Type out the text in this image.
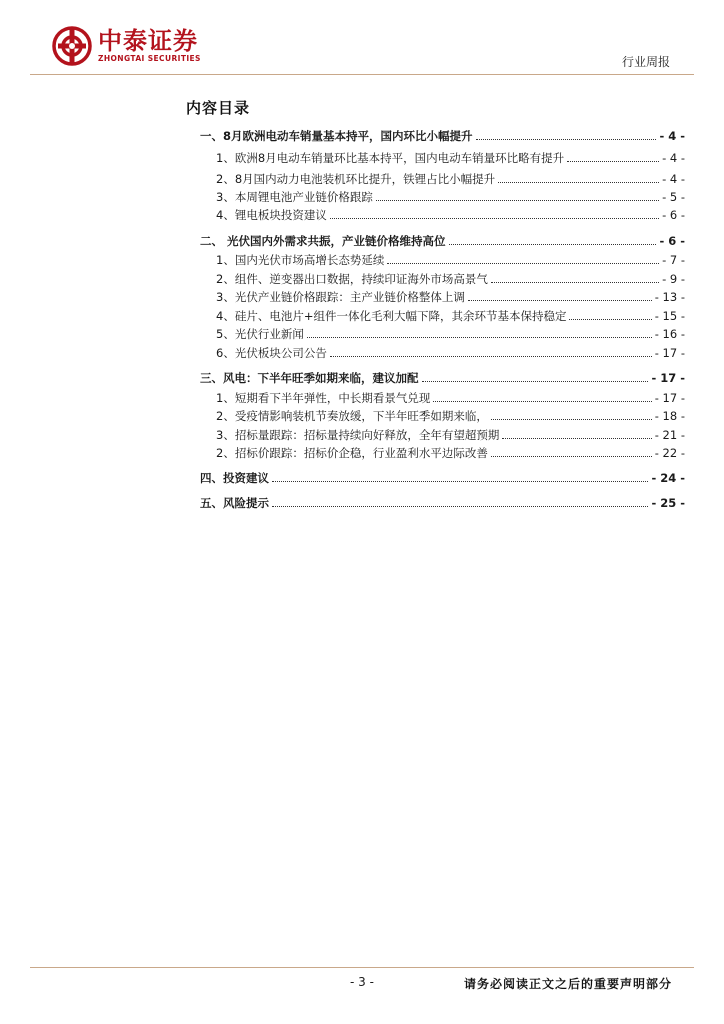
中泰证券
ZHONGTAI SECURITIES	行业周报
内容目录
一、8月欧洲电动车销量基本持平，国内环比小幅提升	- 4 -
1、欧洲8月电动车销量环比基本持平，国内电动车销量环比略有提升	- 4 -
2、8月国内动力电池装机环比提升，铁锂占比小幅提升	- 4 -
3、本周锂电池产业链价格跟踪	- 5 -
4、锂电板块投资建议	- 6 -
二、 光伏国内外需求共振，产业链价格维持高位	- 6 -
1、国内光伏市场高增长态势延续	- 7 -
2、组件、逆变器出口数据，持续印证海外市场高景气	- 9 -
3、光伏产业链价格跟踪：主产业链价格整体上调	- 13 -
4、硅片、电池片+组件一体化毛利大幅下降，其余环节基本保持稳定	- 15 -
5、光伏行业新闻	- 16 -
6、光伏板块公司公告	- 17 -
三、风电：下半年旺季如期来临，建议加配	- 17 -
1、短期看下半年弹性，中长期看景气兑现	- 17 -
2、受疫情影响装机节奏放缓，下半年旺季如期来临，	- 18 -
3、招标量跟踪：招标量持续向好释放，全年有望超预期	- 21 -
2、招标价跟踪：招标价企稳，行业盈利水平边际改善	- 22 -
四、投资建议	- 24 -
五、风险提示	- 25 -
- 3 -	请务必阅读正文之后的重要声明部分
